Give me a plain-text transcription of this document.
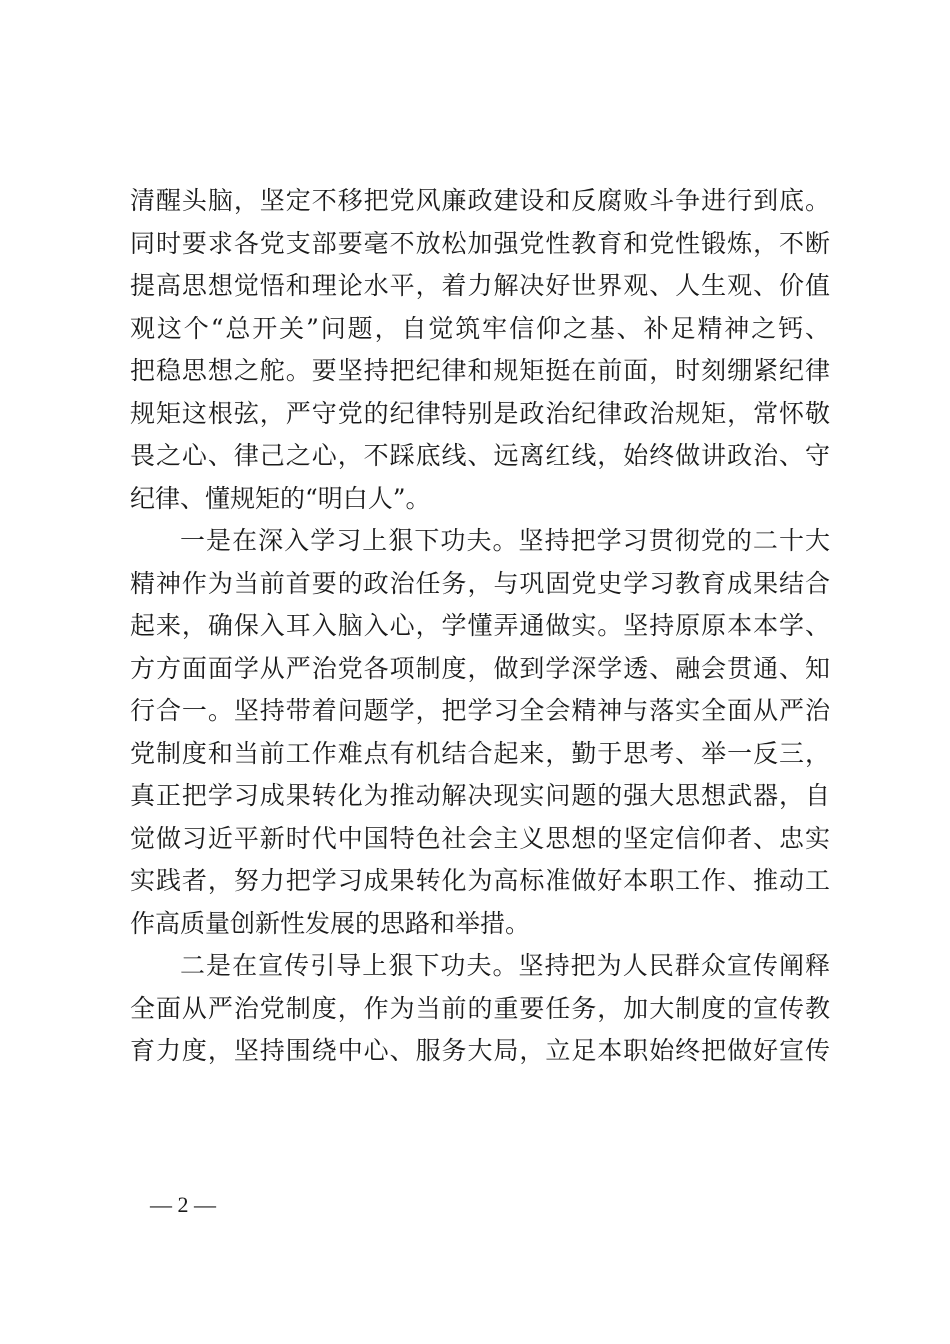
清醒头脑，坚定不移把党风廉政建设和反腐败斗争进行到底。
同时要求各党支部要毫不放松加强党性教育和党性锻炼，不断
提高思想觉悟和理论水平，着力解决好世界观、人生观、价值
观这个“总开关”问题，自觉筑牢信仰之基、补足精神之钙、
把稳思想之舵。要坚持把纪律和规矩挺在前面，时刻绷紧纪律
规矩这根弦，严守党的纪律特别是政治纪律政治规矩，常怀敬
畏之心、律己之心，不踩底线、远离红线，始终做讲政治、守
纪律、懂规矩的“明白人”。
一是在深入学习上狠下功夫。坚持把学习贯彻党的二十大
精神作为当前首要的政治任务，与巩固党史学习教育成果结合
起来，确保入耳入脑入心，学懂弄通做实。坚持原原本本学、
方方面面学从严治党各项制度，做到学深学透、融会贯通、知
行合一。坚持带着问题学，把学习全会精神与落实全面从严治
党制度和当前工作难点有机结合起来，勤于思考、举一反三，
真正把学习成果转化为推动解决现实问题的强大思想武器，自
觉做习近平新时代中国特色社会主义思想的坚定信仰者、忠实
实践者，努力把学习成果转化为高标准做好本职工作、推动工
作高质量创新性发展的思路和举措。
二是在宣传引导上狠下功夫。坚持把为人民群众宣传阐释
全面从严治党制度，作为当前的重要任务，加大制度的宣传教
育力度，坚持围绕中心、服务大局，立足本职始终把做好宣传
— 2 —
